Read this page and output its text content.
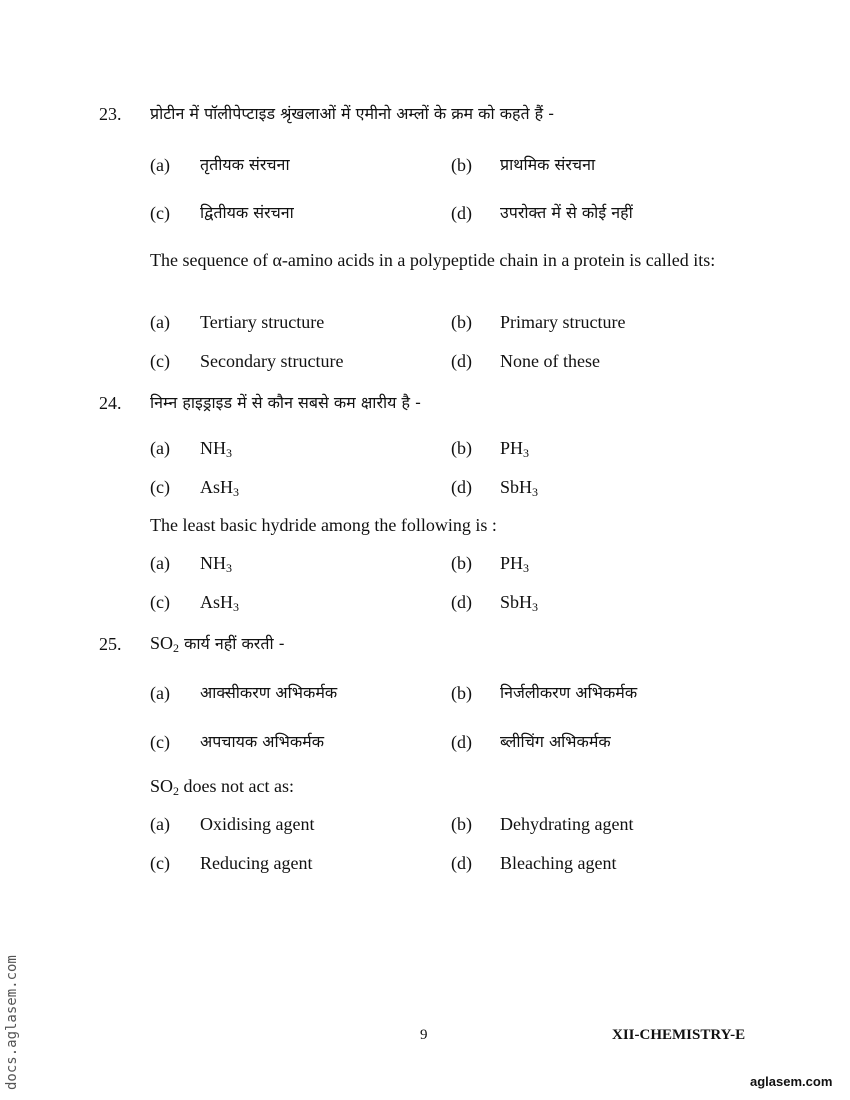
23. प्रोटीन में पॉलीपेप्टाइड श्रृंखलाओं में एमीनो अम्लों के क्रम को कहते हैं -
(a) तृतीयक संरचना	(b) प्राथमिक संरचना
(c) द्वितीयक संरचना	(d) उपरोक्त में से कोई नहीं
The sequence of α-amino acids in a polypeptide chain in a protein is called its:
(a) Tertiary structure	(b) Primary structure
(c) Secondary structure	(d) None of these
24. निम्न हाइड्राइड में से कौन सबसे कम क्षारीय है -
(a) $NH_3$	(b) $PH_3$
(c) AsH$_3$	(d) SbH$_3$
The least basic hydride among the following is :
(a) $NH_3$	(b) $PH_3$
(c) AsH$_3$	(d) SbH$_3$
25. $SO_2$ कार्य नहीं करती -
(a) आक्सीकरण अभिकर्मक	(b) निर्जलीकरण अभिकर्मक
(c) अपचायक अभिकर्मक	(d) ब्लीचिंग अभिकर्मक
$SO_2$ does not act as:
(a) Oxidising agent	(b) Dehydrating agent
(c) Reducing agent	(d) Bleaching agent
9	XII-CHEMISTRY-E
docs.aglasem.com	aglasem.com
